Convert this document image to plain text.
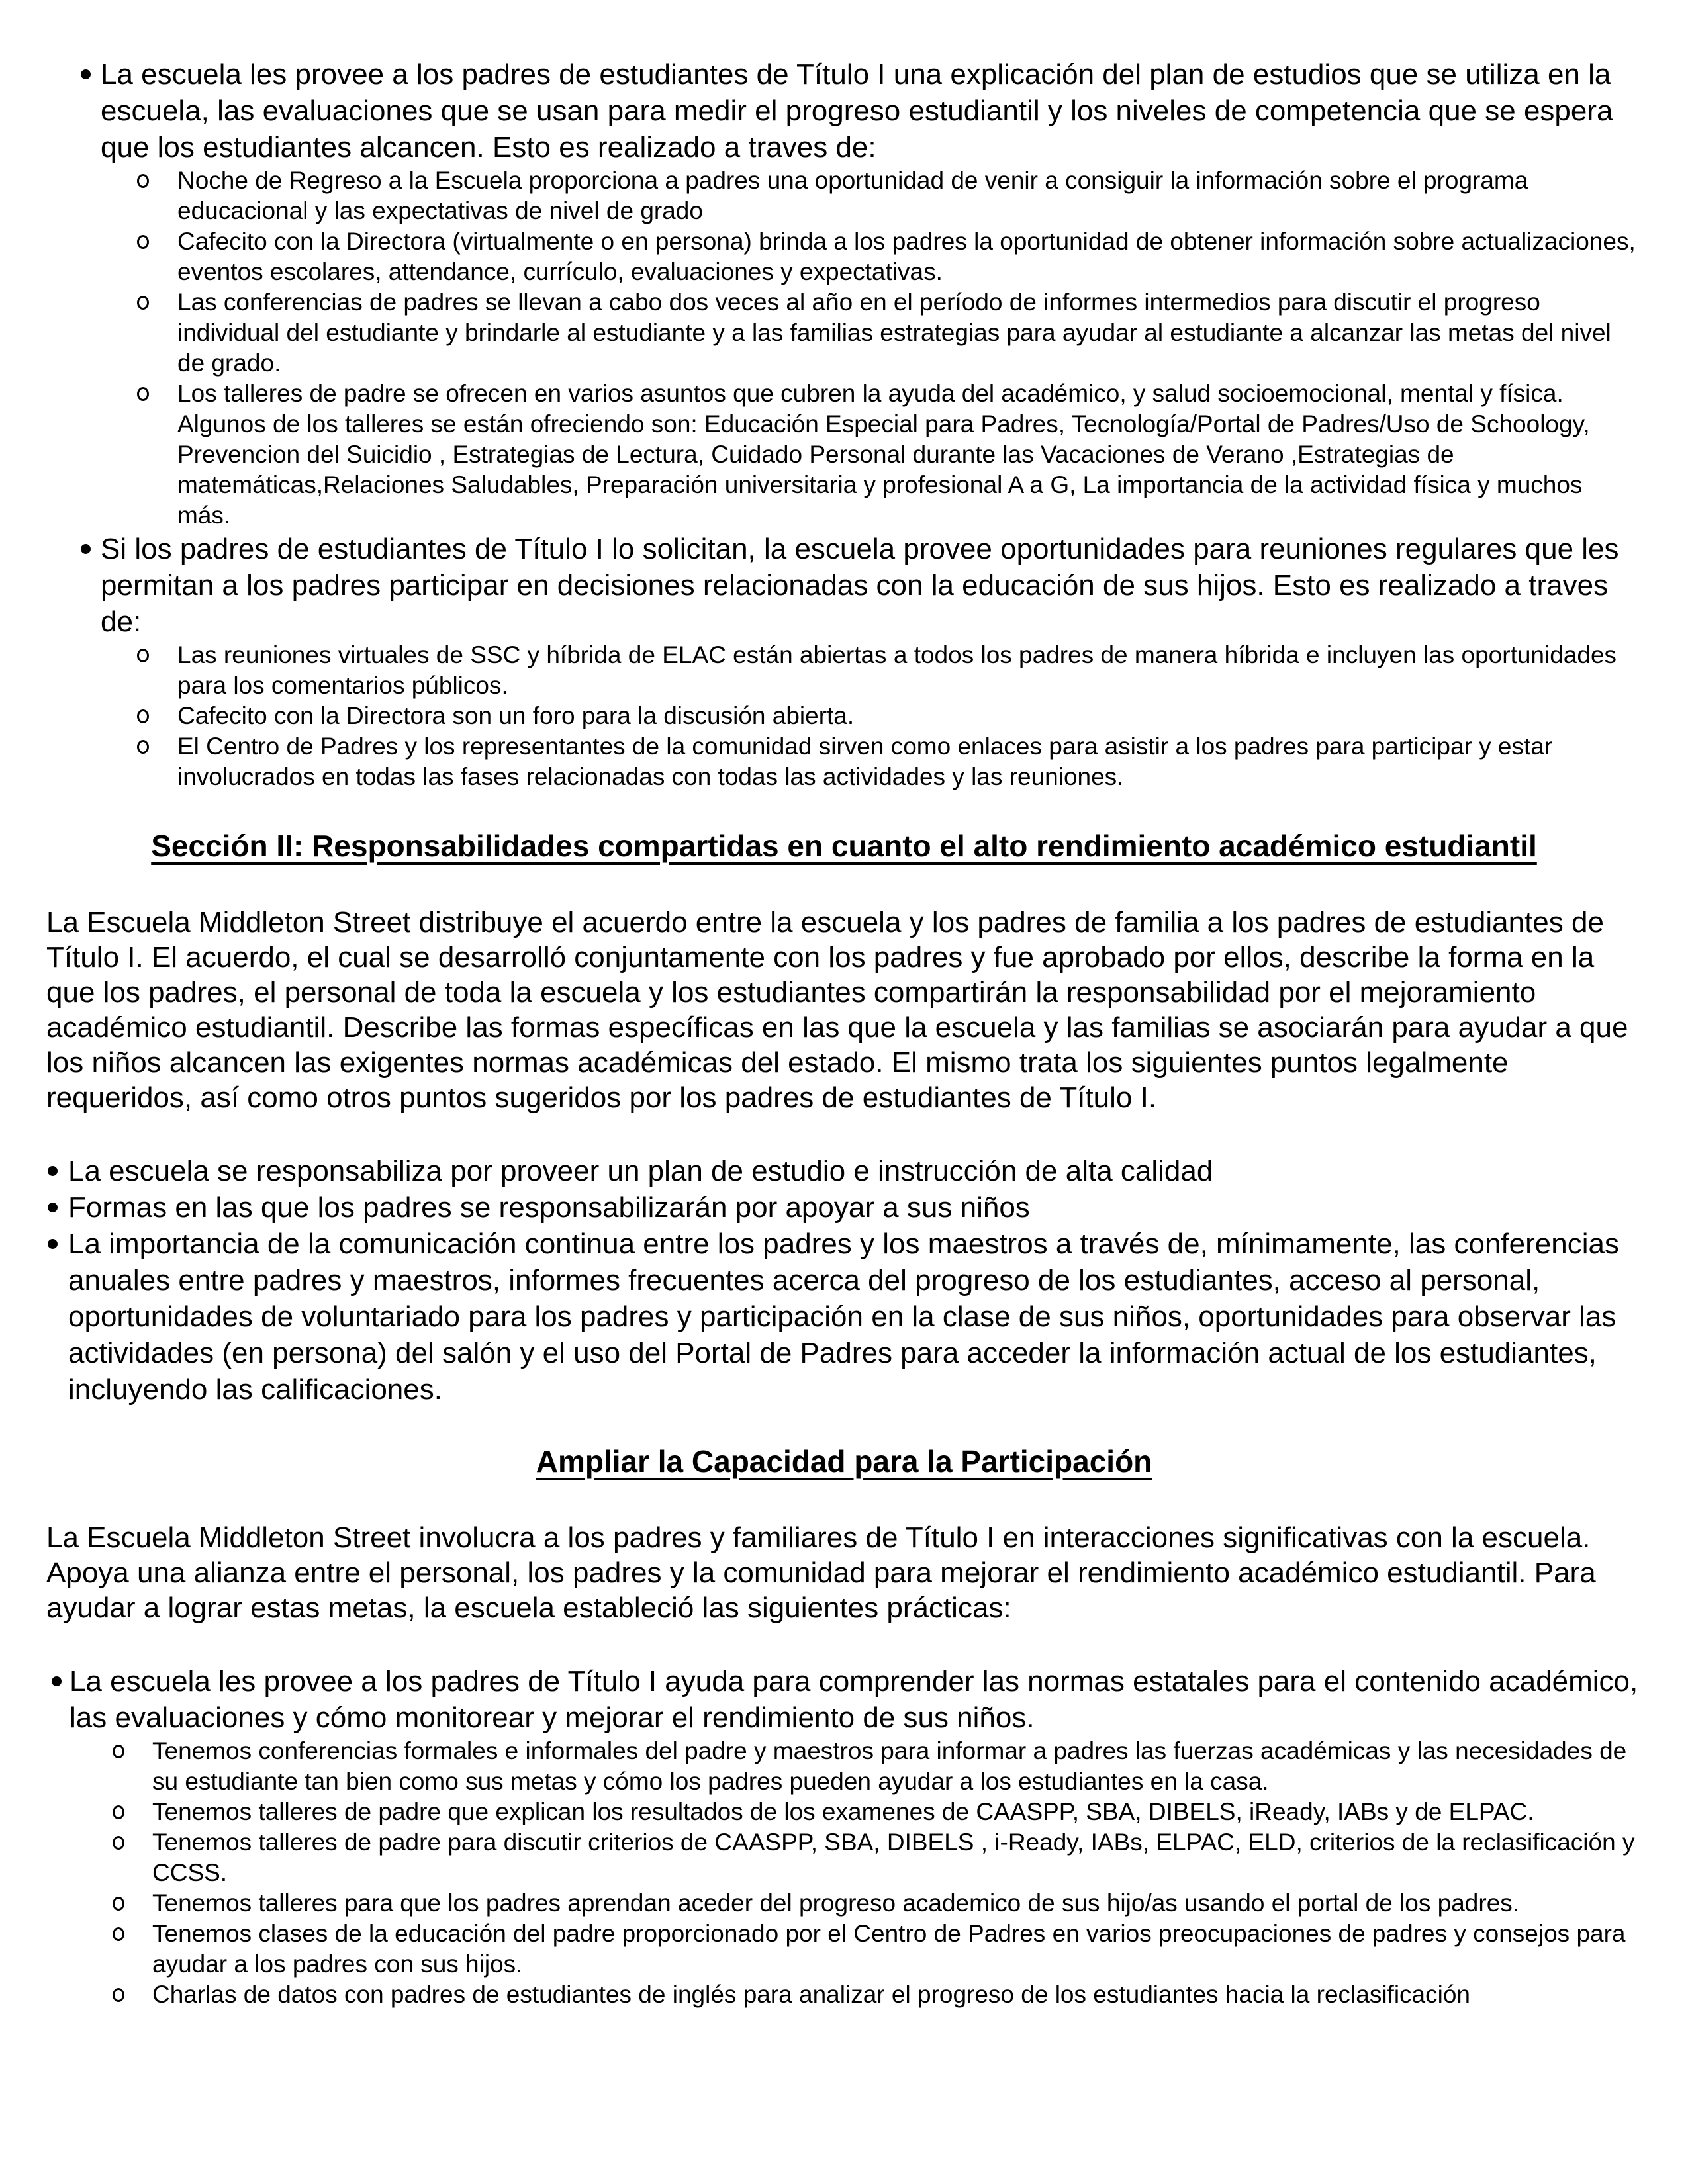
La escuela les provee a los padres de estudiantes de Título I una explicación del plan de estudios que se utiliza en la escuela, las evaluaciones que se usan para medir el progreso estudiantil y los niveles de competencia que se espera que los estudiantes alcancen. Esto es realizado a traves de:
Noche de Regreso a la Escuela proporciona a padres una oportunidad de venir a consiguir la información sobre el programa educacional y las expectativas de nivel de grado
Cafecito con la Directora (virtualmente o en persona) brinda a los padres la oportunidad de obtener información sobre actualizaciones, eventos escolares, attendance, currículo, evaluaciones y expectativas.
Las conferencias de padres se llevan a cabo dos veces al año en el período de informes intermedios para discutir el progreso individual del estudiante y brindarle al estudiante y a las familias estrategias para ayudar al estudiante a alcanzar las metas del nivel de grado.
Los talleres de padre se ofrecen en varios asuntos que cubren la ayuda del académico, y salud socioemocional, mental y física. Algunos de los talleres se están ofreciendo son: Educación Especial para Padres, Tecnología/Portal de Padres/Uso de Schoology, Prevencion del Suicidio , Estrategias de Lectura, Cuidado Personal durante las Vacaciones de Verano ,Estrategias de matemáticas,Relaciones Saludables, Preparación universitaria y profesional A a G, La importancia de la actividad física y muchos más.
Si los padres de estudiantes de Título I lo solicitan, la escuela provee oportunidades para reuniones regulares que les permitan a los padres participar en decisiones relacionadas con la educación de sus hijos. Esto es realizado a traves de:
Las reuniones virtuales de SSC y híbrida de ELAC están abiertas a todos los padres de manera híbrida e incluyen las oportunidades para los comentarios públicos.
Cafecito con la Directora son un foro para la discusión abierta.
El Centro de Padres y los representantes de la comunidad sirven como enlaces para asistir a los padres para participar y estar involucrados en todas las fases relacionadas con todas las actividades y las reuniones.
Sección II: Responsabilidades compartidas en cuanto el alto rendimiento académico estudiantil

La Escuela Middleton Street distribuye el acuerdo entre la escuela y los padres de familia a los padres de estudiantes de Título I. El acuerdo, el cual se desarrolló conjuntamente con los padres y fue aprobado por ellos, describe la forma en la que los padres, el personal de toda la escuela y los estudiantes compartirán la responsabilidad por el mejoramiento académico estudiantil. Describe las formas específicas en las que la escuela y las familias se asociarán para ayudar a que los niños alcancen las exigentes normas académicas del estado. El mismo trata los siguientes puntos legalmente requeridos, así como otros puntos sugeridos por los padres de estudiantes de Título I.

La escuela se responsabiliza por proveer un plan de estudio e instrucción de alta calidad
Formas en las que los padres se responsabilizarán por apoyar a sus niños
La importancia de la comunicación continua entre los padres y los maestros a través de, mínimamente, las conferencias anuales entre padres y maestros, informes frecuentes acerca del progreso de los estudiantes, acceso al personal, oportunidades de voluntariado para los padres y participación en la clase de sus niños, oportunidades para observar las actividades (en persona) del salón y el uso del Portal de Padres para acceder la información actual de los estudiantes, incluyendo las calificaciones.
Ampliar la Capacidad para la Participación

La Escuela Middleton Street involucra a los padres y familiares de Título I en interacciones significativas con la escuela. Apoya una alianza entre el personal, los padres y la comunidad para mejorar el rendimiento académico estudiantil. Para ayudar a lograr estas metas, la escuela estableció las siguientes prácticas:

La escuela les provee a los padres de Título I ayuda para comprender las normas estatales para el contenido académico, las evaluaciones y cómo monitorear y mejorar el rendimiento de sus niños.
Tenemos conferencias formales e informales del padre y maestros para informar a padres las fuerzas académicas y las necesidades de su estudiante tan bien como sus metas y cómo los padres pueden ayudar a los estudiantes en la casa.
Tenemos talleres de padre que explican los resultados de los examenes de CAASPP, SBA, DIBELS, iReady, IABs y de ELPAC.
Tenemos talleres de padre para discutir criterios de CAASPP, SBA, DIBELS , i-Ready, IABs, ELPAC, ELD, criterios de la reclasificación y CCSS.
Tenemos talleres para que los padres aprendan aceder del progreso academico de sus hijo/as usando el portal de los padres.
Tenemos clases de la educación del padre proporcionado por el Centro de Padres en varios preocupaciones de padres y consejos para ayudar a los padres con sus hijos.
Charlas de datos con padres de estudiantes de inglés para analizar el progreso de los estudiantes hacia la reclasificación
